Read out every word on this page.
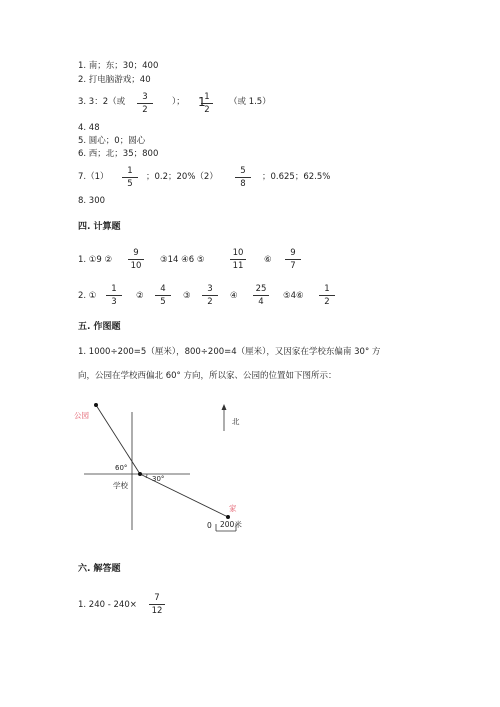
1. 南；东；30；400
2. 打电脑游戏；40
3. 3：2（或	3
2
）； 1
1
2
（或 1.5）
4. 48
5. 圆心；0；圆心
6. 西；北；35；800
7.（1）
1
5
；0.2；20%（2）
5
8
；0.625；62.5%
8. 300
四. 计算题
1. ①9 ②
9
10
③14 ④6 ⑤
10
11
⑥
9
7
2. ①
1
3
②
4
5
③
3
2
④
25
4
⑤4⑥
1
2
五. 作图题
1. 1000÷200=5（厘米），800÷200=4（厘米），又因家在学校东偏南 30° 方
向，公园在学校西偏北 60° 方向，所以家、公园的位置如下图所示：
公园
学校
家
北
60°
30°
0 200米
六. 解答题
1. 240 - 240×
7
12
